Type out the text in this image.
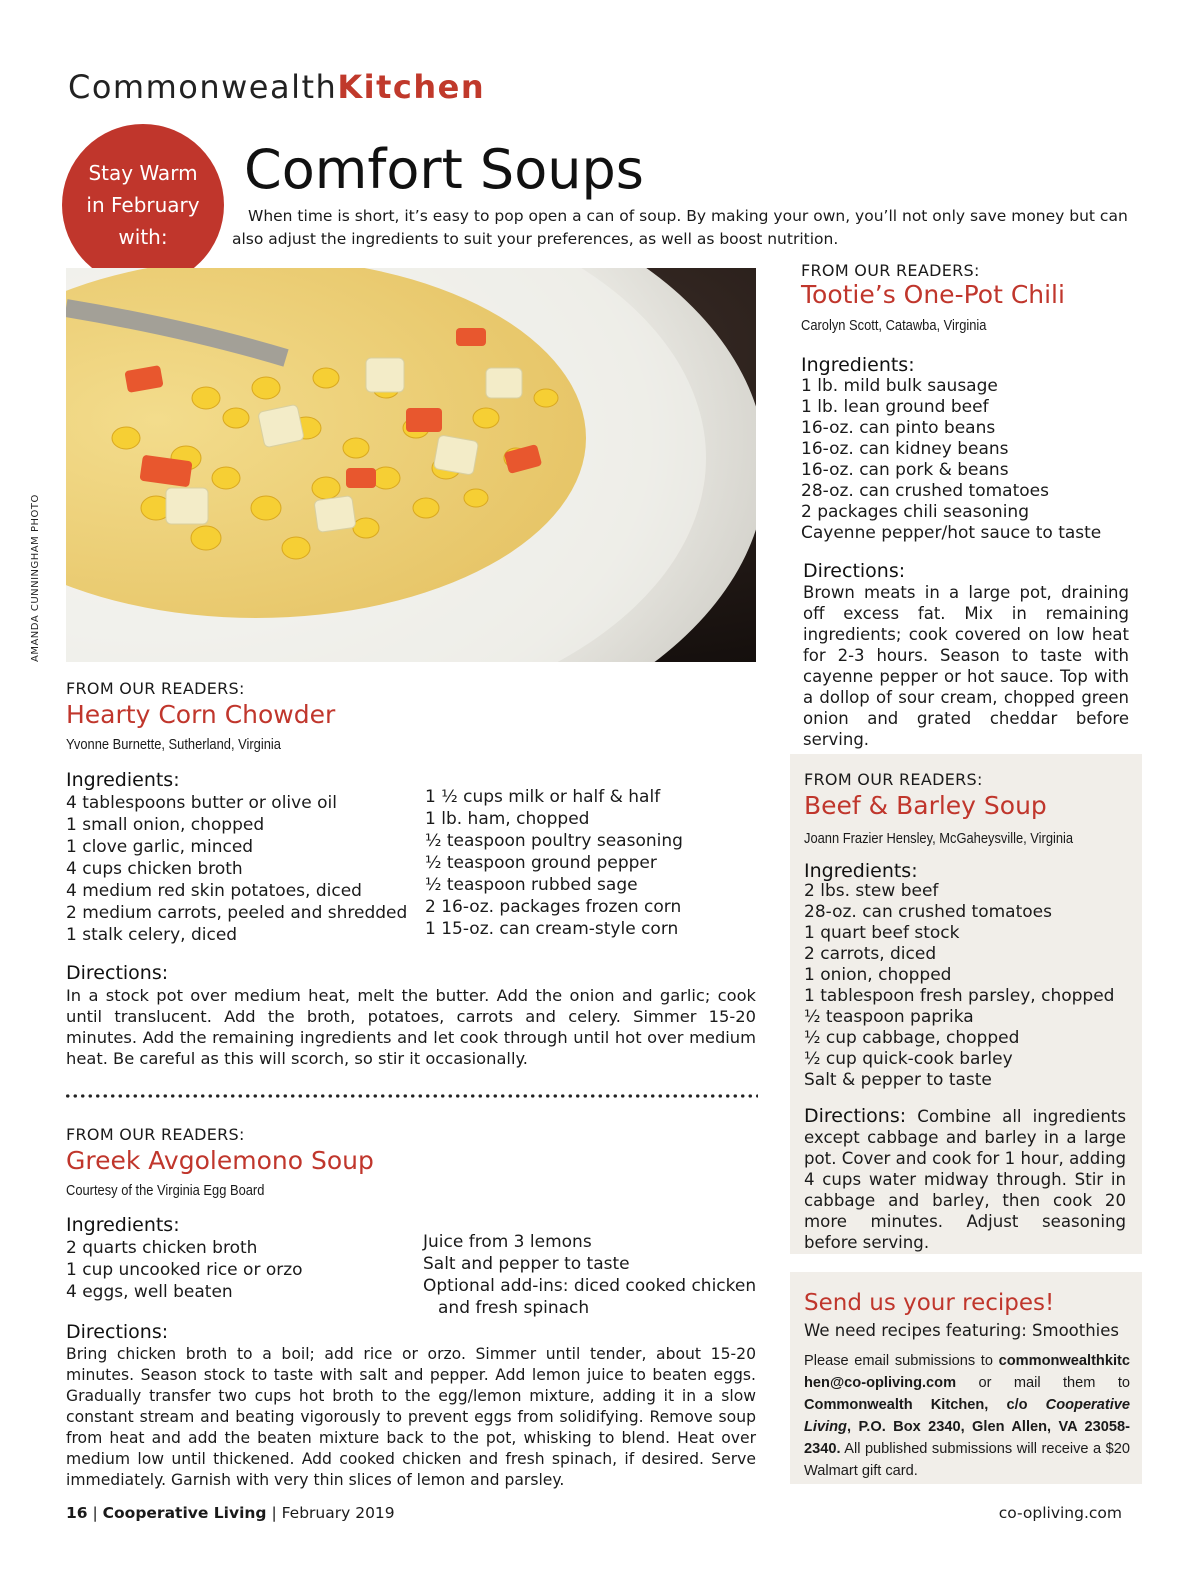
CommonwealthKitchen
Stay Warm
in February
with:
Comfort Soups

When time is short, it’s easy to pop open a can of soup. By making your own, you’ll not only save money but can also adjust the ingredients to suit your preferences, as well as boost nutrition.

AMANDA CUNNINGHAM PHOTO
FROM OUR READERS:
Tootie’s One-Pot Chili
Carolyn Scott, Catawba, Virginia
Ingredients:
1 lb. mild bulk sausage
1 lb. lean ground beef
16-oz. can pinto beans
16-oz. can kidney beans
16-oz. can pork & beans
28-oz. can crushed tomatoes
2 packages chili seasoning
Cayenne pepper/hot sauce to taste
Directions:

Brown meats in a large pot, draining off excess fat. Mix in remaining ingredients; cook covered on low heat for 2-3 hours. Season to taste with cayenne pepper or hot sauce. Top with a dollop of sour cream, chopped green onion and grated cheddar before serving.

FROM OUR READERS:
Hearty Corn Chowder
Yvonne Burnette, Sutherland, Virginia
Ingredients:
4 tablespoons butter or olive oil
1 small onion, chopped
1 clove garlic, minced
4 cups chicken broth
4 medium red skin potatoes, diced
2 medium carrots, peeled and shredded
1 stalk celery, diced
1 ½ cups milk or half & half
1 lb. ham, chopped
½ teaspoon poultry seasoning
½ teaspoon ground pepper
½ teaspoon rubbed sage
2 16-oz. packages frozen corn
1 15-oz. can cream-style corn
Directions:

In a stock pot over medium heat, melt the butter. Add the onion and garlic; cook until translucent. Add the broth, potatoes, carrots and celery. Simmer 15-20 minutes. Add the remaining ingredients and let cook through until hot over medium heat. Be careful as this will scorch, so stir it occasionally.

FROM OUR READERS:
Greek Avgolemono Soup
Courtesy of the Virginia Egg Board
Ingredients:
2 quarts chicken broth
1 cup uncooked rice or orzo
4 eggs, well beaten
Juice from 3 lemons
Salt and pepper to taste
Optional add-ins: diced cooked chicken
and fresh spinach
Directions:

Bring chicken broth to a boil; add rice or orzo. Simmer until tender, about 15-20 minutes. Season stock to taste with salt and pepper. Add lemon juice to beaten eggs. Gradually transfer two cups hot broth to the egg/lemon mixture, adding it in a slow constant stream and beating vigorously to prevent eggs from solidifying. Remove soup from heat and add the beaten mixture back to the pot, whisking to blend. Heat over medium low until thickened. Add cooked chicken and fresh spinach, if desired. Serve immediately. Garnish with very thin slices of lemon and parsley.

FROM OUR READERS:
Beef & Barley Soup
Joann Frazier Hensley, McGaheysville, Virginia
Ingredients:
2 lbs. stew beef
28-oz. can crushed tomatoes
1 quart beef stock
2 carrots, diced
1 onion, chopped
1 tablespoon fresh parsley, chopped
½ teaspoon paprika
½ cup cabbage, chopped
½ cup quick-cook barley
Salt & pepper to taste

Directions: Combine all ingredients except cabbage and barley in a large pot. Cover and cook for 1 hour, adding 4 cups water midway through. Stir in cabbage and barley, then cook 20 more minutes. Adjust seasoning before serving.

Send us your recipes!
We need recipes featuring: Smoothies

Please email submissions to commonwealthkitchen@co-opliving.com or mail them to Commonwealth Kitchen, c/o Cooperative Living, P.O. Box 2340, Glen Allen, VA 23058-2340. All published submissions will receive a $20 Walmart gift card.

16 | Cooperative Living | February 2019	co-opliving.com
